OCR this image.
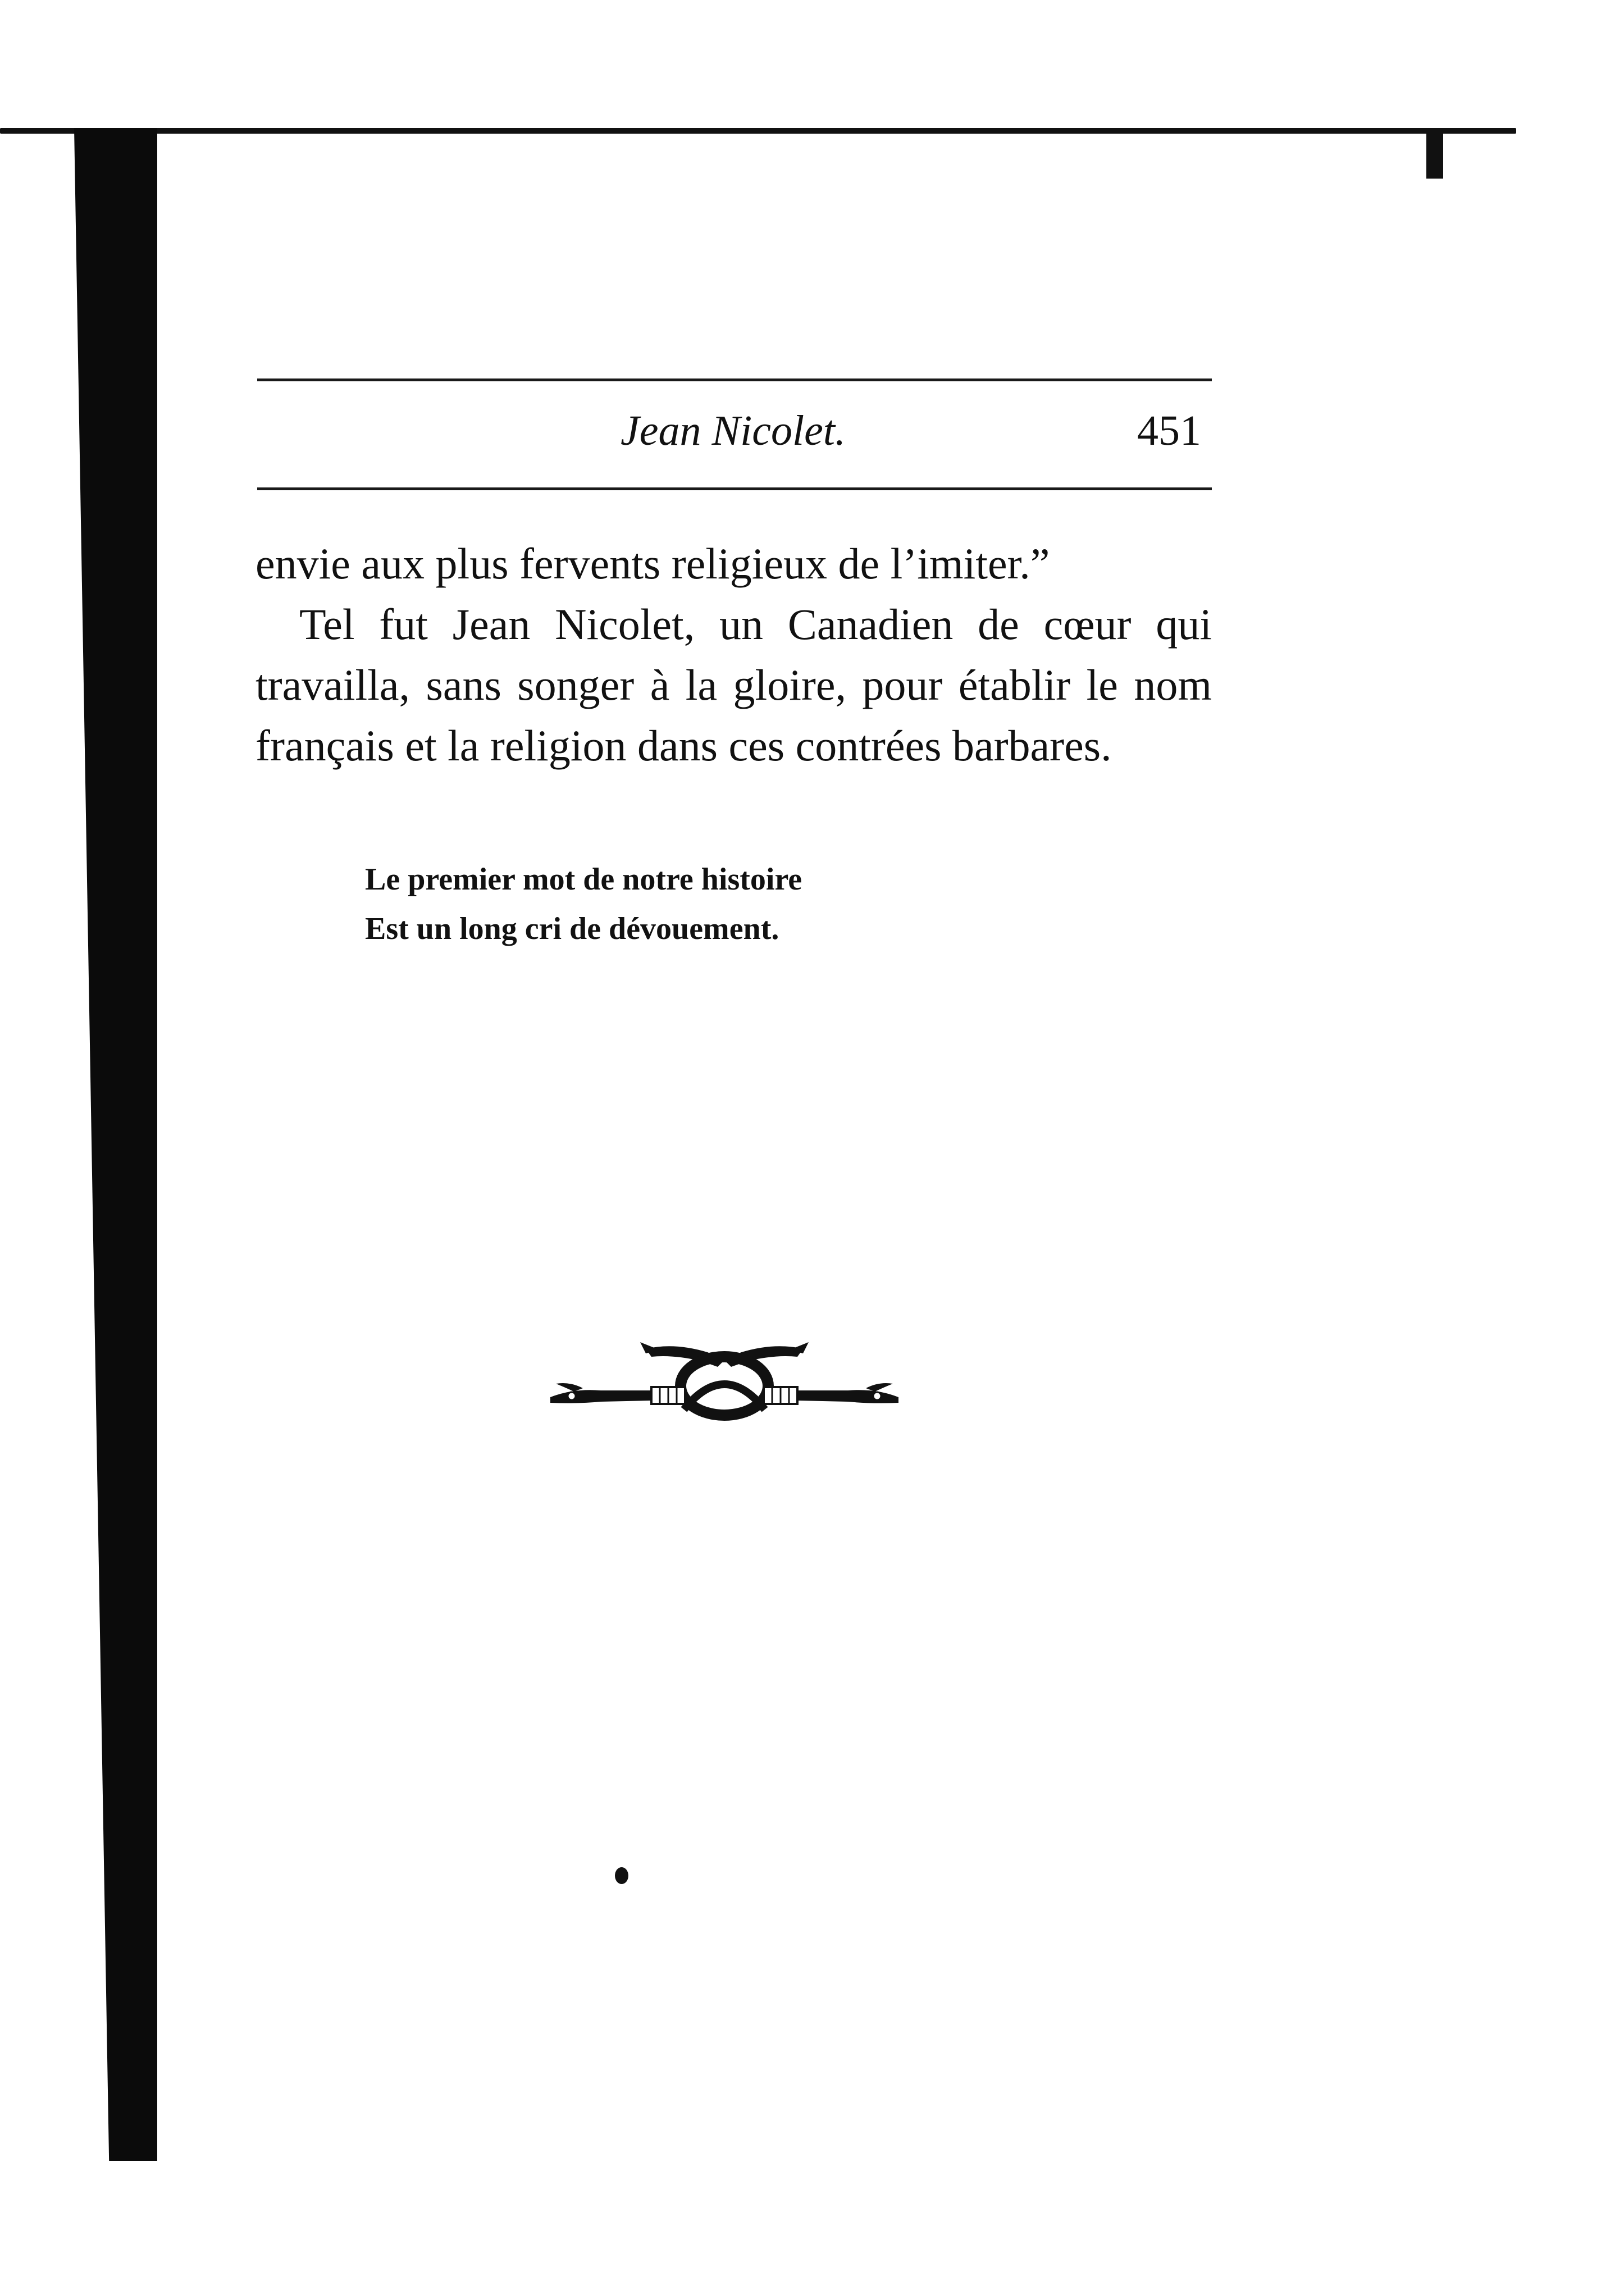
Jean Nicolet.	451

envie aux plus fervents religieux de l’imiter.”

Tel fut Jean Nicolet, un Canadien de cœur qui travailla, sans songer à la gloire, pour établir le nom français et la religion dans ces contrées barbares.

Le premier mot de notre histoire
Est un long cri de dévouement.
